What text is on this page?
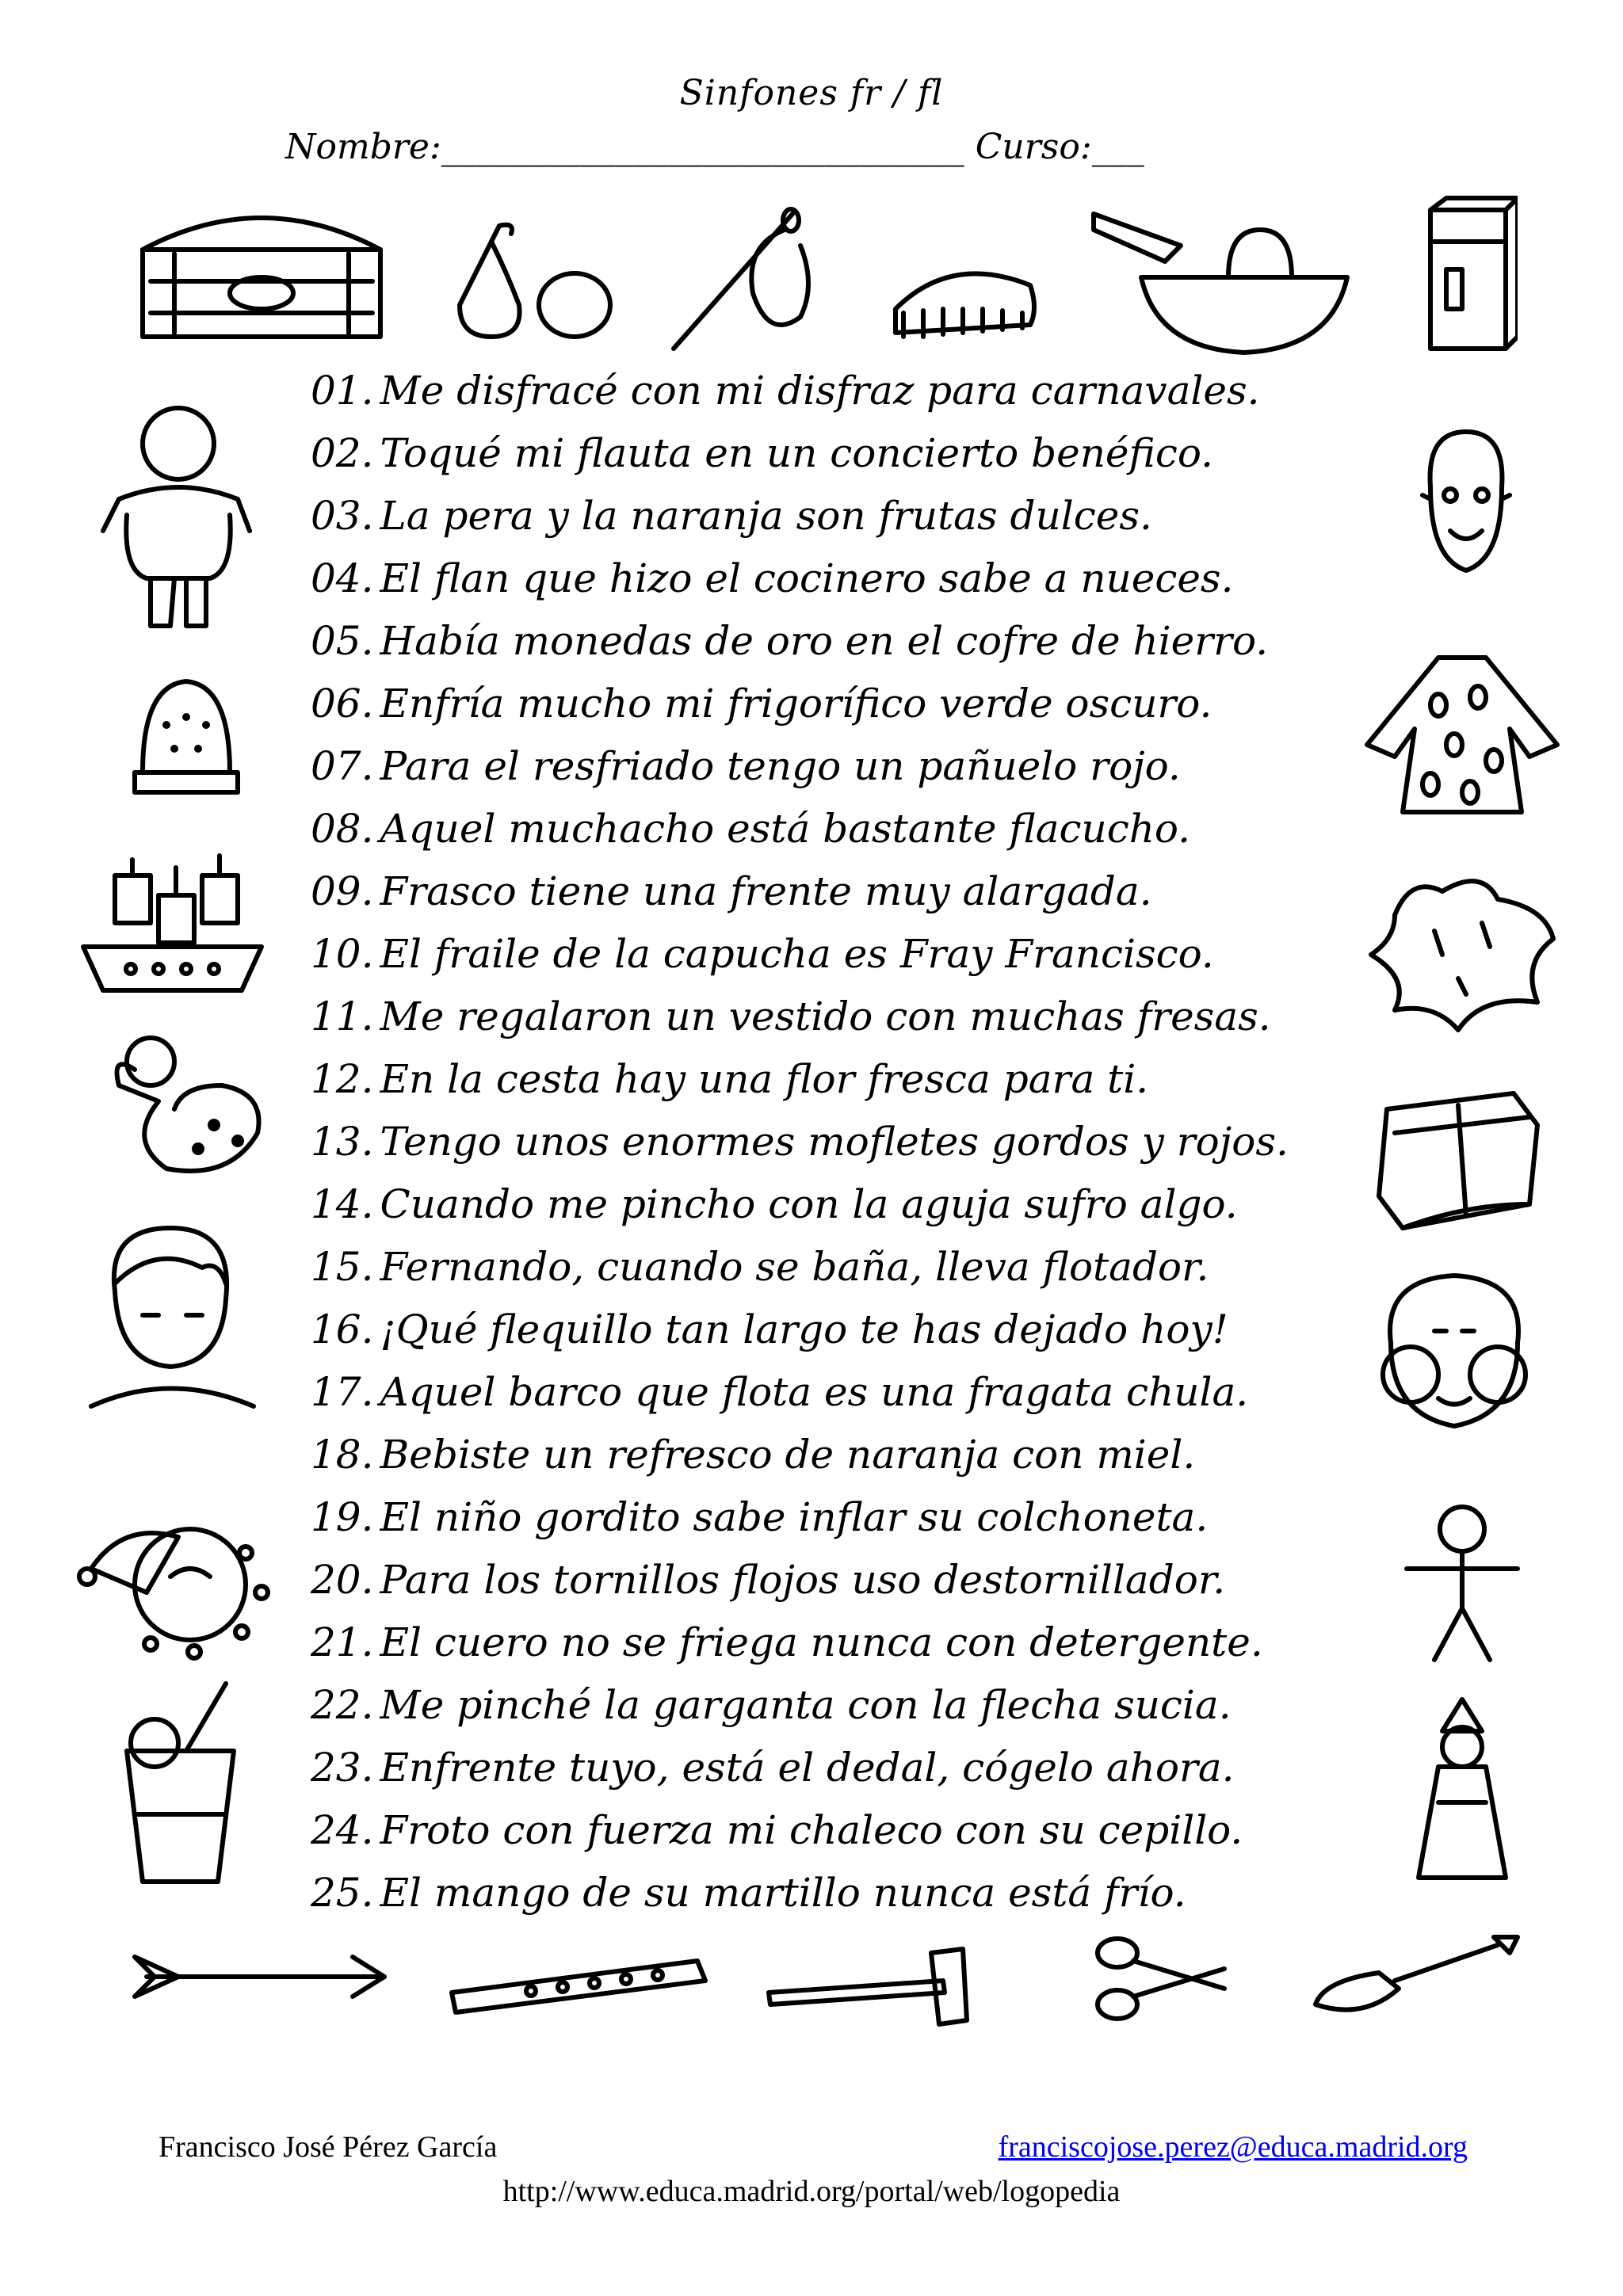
Sinfones fr / fl
Nombre:______________________________ Curso:___
01. Me disfracé con mi disfraz para carnavales.
02. Toqué mi flauta en un concierto benéfico.
03. La pera y la naranja son frutas dulces.
04. El flan que hizo el cocinero sabe a nueces.
05. Había monedas de oro en el cofre de hierro.
06. Enfría mucho mi frigorífico verde oscuro.
07. Para el resfriado tengo un pañuelo rojo.
08. Aquel muchacho está bastante flacucho.
09. Frasco tiene una frente muy alargada.
10. El fraile de la capucha es Fray Francisco.
11. Me regalaron un vestido con muchas fresas.
12. En la cesta hay una flor fresca para ti.
13. Tengo unos enormes mofletes gordos y rojos.
14. Cuando me pincho con la aguja sufro algo.
15. Fernando, cuando se baña, lleva flotador.
16. ¡Qué flequillo tan largo te has dejado hoy!
17. Aquel barco que flota es una fragata chula.
18. Bebiste un refresco de naranja con miel.
19. El niño gordito sabe inflar su colchoneta.
20. Para los tornillos flojos uso destornillador.
21. El cuero no se friega nunca con detergente.
22. Me pinché la garganta con la flecha sucia.
23. Enfrente tuyo, está el dedal, cógelo ahora.
24. Froto con fuerza mi chaleco con su cepillo.
25. El mango de su martillo nunca está frío.
Francisco José Pérez García	franciscojose.perez@educa.madrid.org
http://www.educa.madrid.org/portal/web/logopedia
